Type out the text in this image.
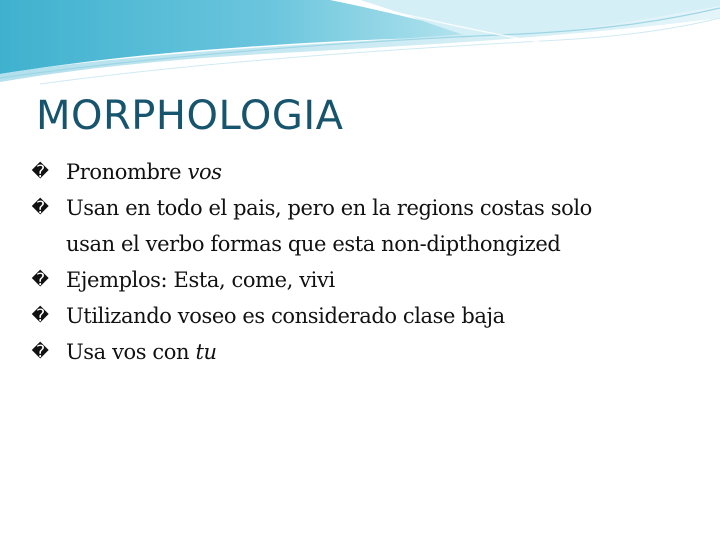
MORPHOLOGIA
� Pronombre vos
� Usan en todo el pais, pero en la regions costas solo
usan el verbo formas que esta non-dipthongized
� Ejemplos: Esta, come, vivi
� Utilizando voseo es considerado clase baja
� Usa vos con tu
